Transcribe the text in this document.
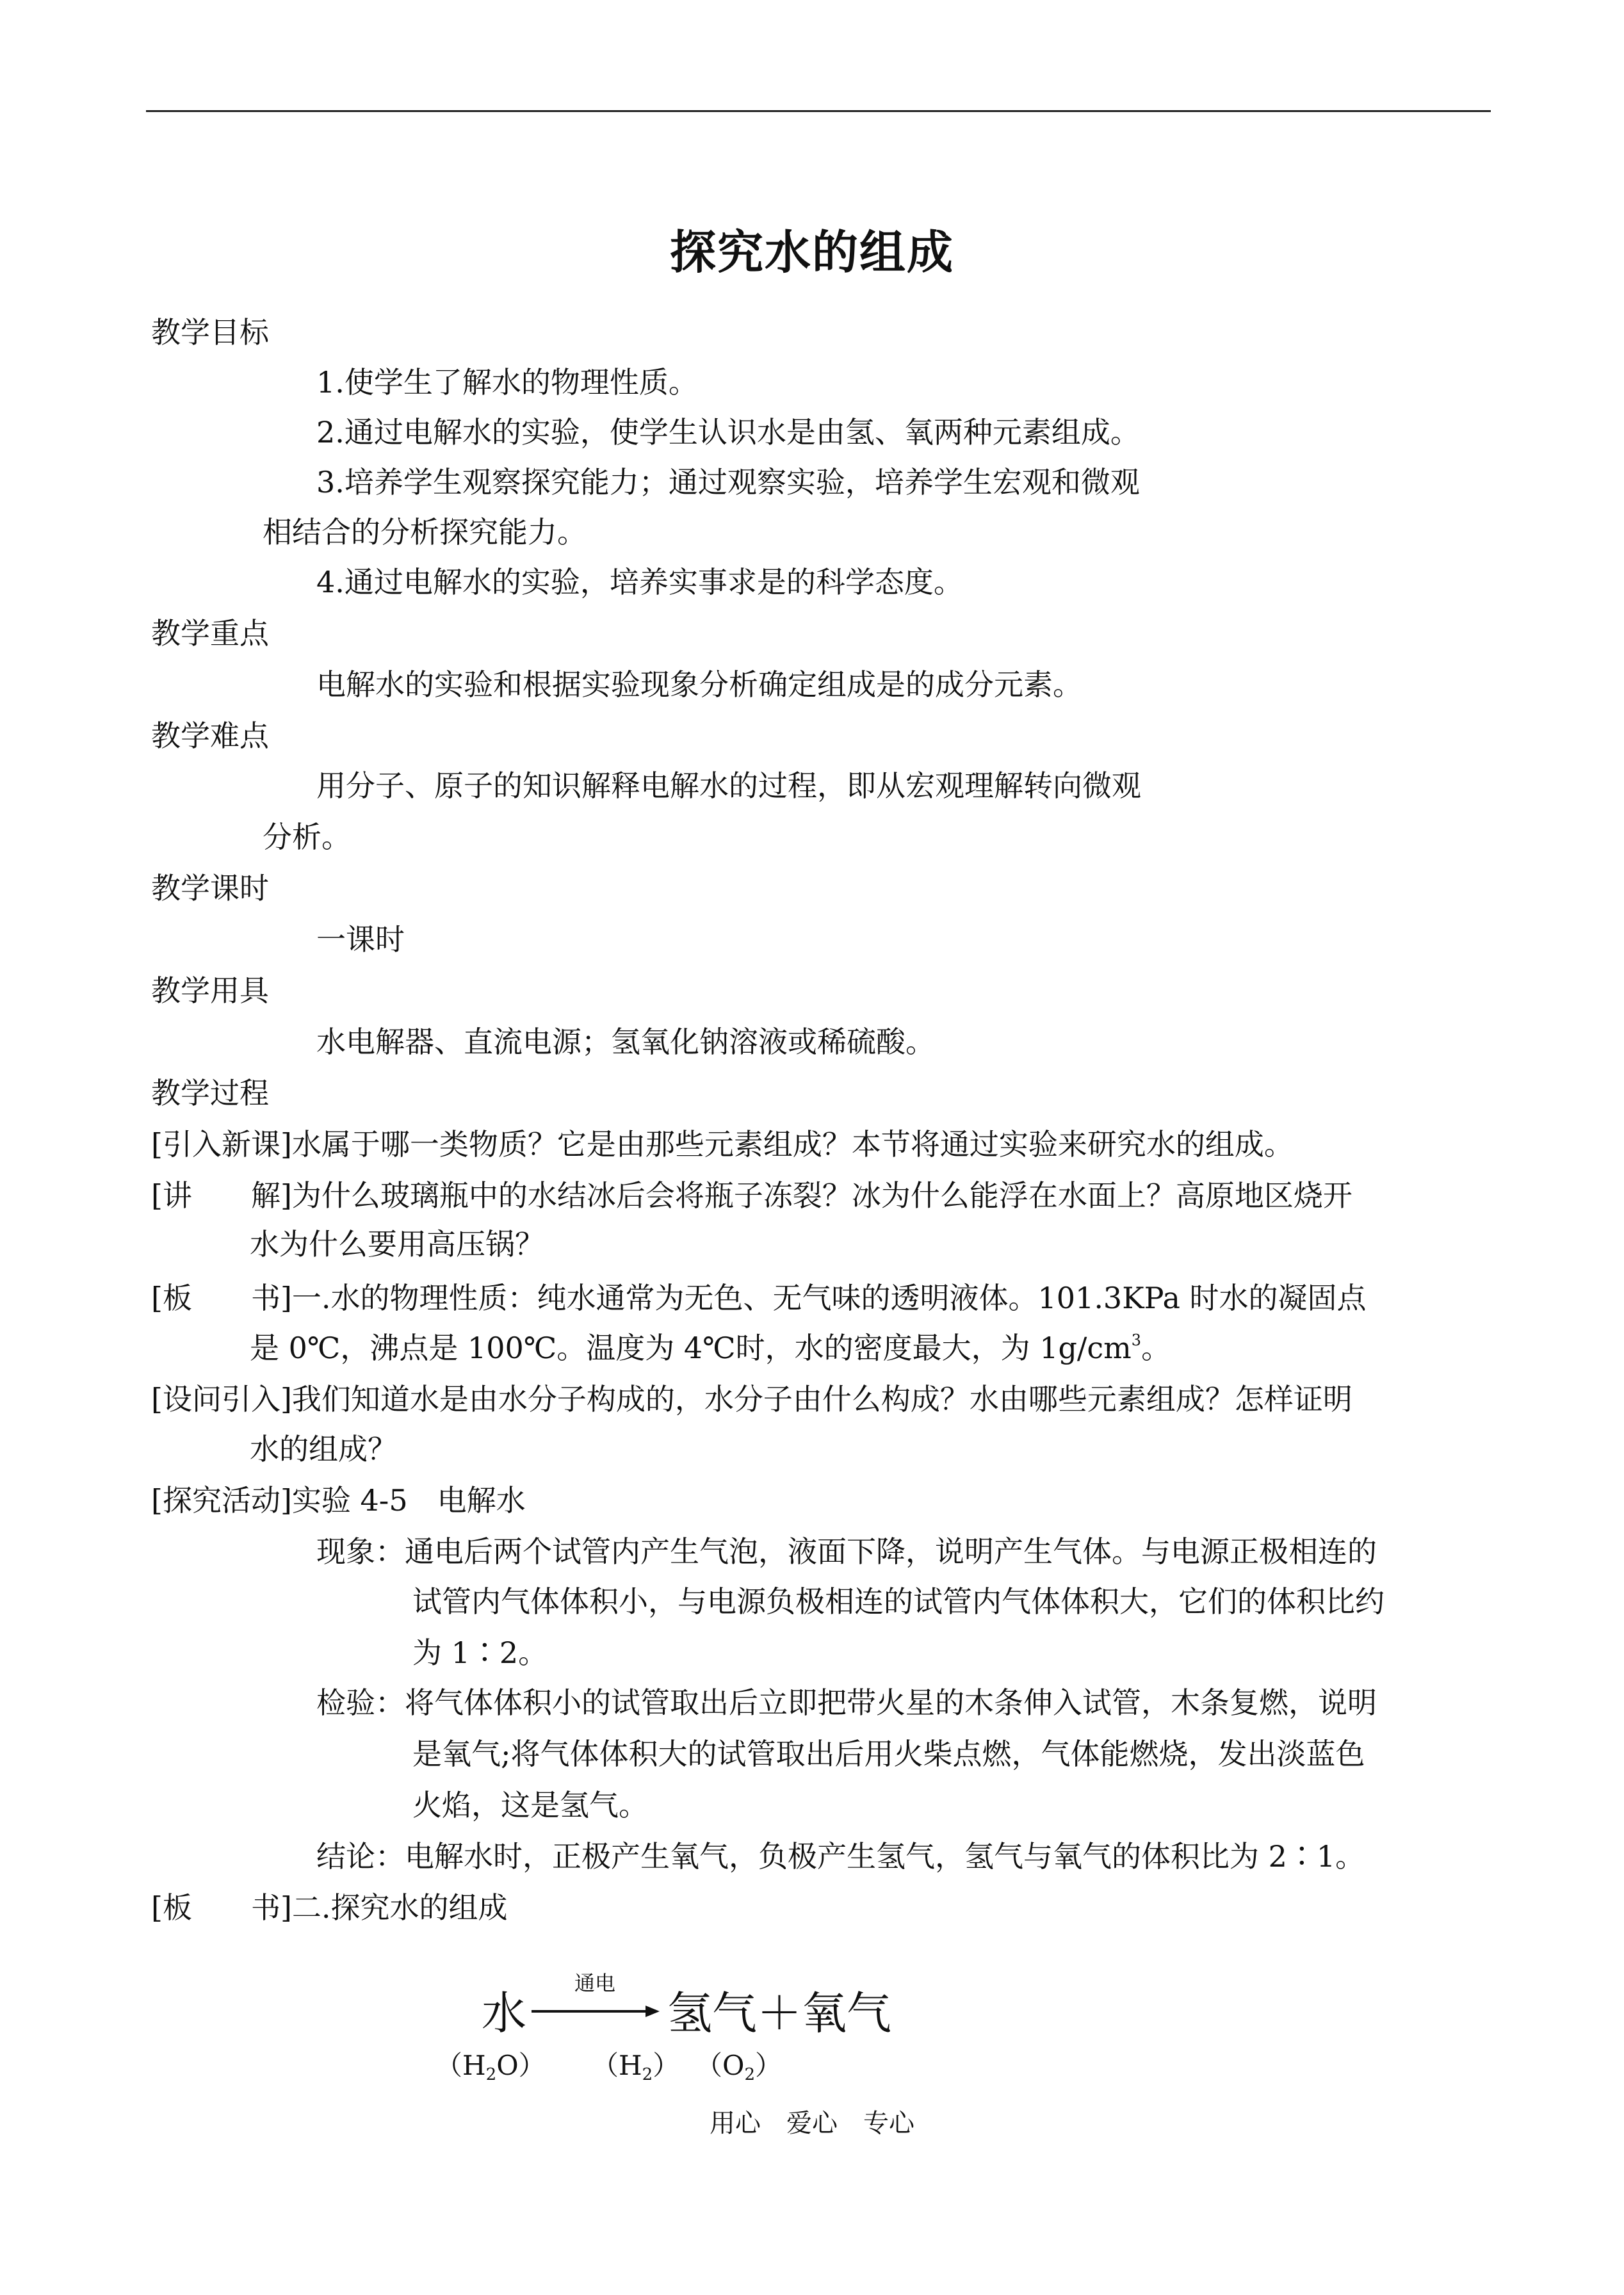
探究水的组成
教学目标
1.使学生了解水的物理性质。
2.通过电解水的实验，使学生认识水是由氢、氧两种元素组成。
3.培养学生观察探究能力；通过观察实验，培养学生宏观和微观
相结合的分析探究能力。
4.通过电解水的实验，培养实事求是的科学态度。
教学重点
电解水的实验和根据实验现象分析确定组成是的成分元素。
教学难点
用分子、原子的知识解释电解水的过程，即从宏观理解转向微观
分析。
教学课时
一课时
教学用具
水电解器、直流电源；氢氧化钠溶液或稀硫酸。
教学过程
[引入新课]水属于哪一类物质？它是由那些元素组成？本节将通过实验来研究水的组成。
[讲　　解]为什么玻璃瓶中的水结冰后会将瓶子冻裂？冰为什么能浮在水面上？高原地区烧开
水为什么要用高压锅？
[板　　书]一.水的物理性质：纯水通常为无色、无气味的透明液体。101.3KPa 时水的凝固点
是 0℃，沸点是 100℃。温度为 4℃时，水的密度最大，为 $1g/cm^3$。
[设问引入]我们知道水是由水分子构成的，水分子由什么构成？水由哪些元素组成？怎样证明
水的组成？
[探究活动]实验 4-5　电解水
现象：通电后两个试管内产生气泡，液面下降，说明产生气体。与电源正极相连的
试管内气体体积小，与电源负极相连的试管内气体体积大，它们的体积比约
为 1∶2。
检验：将气体体积小的试管取出后立即把带火星的木条伸入试管，木条复燃，说明
是氧气;将气体体积大的试管取出后用火柴点燃，气体能燃烧，发出淡蓝色
火焰，这是氢气。
结论：电解水时，正极产生氧气，负极产生氢气，氢气与氧气的体积比为 2∶1。
[板　　书]二.探究水的组成
水
通电
→ 氢气＋氧气
$(H_2O)$ $(H_2)$ $(O_2)$
用心　爱心　专心
